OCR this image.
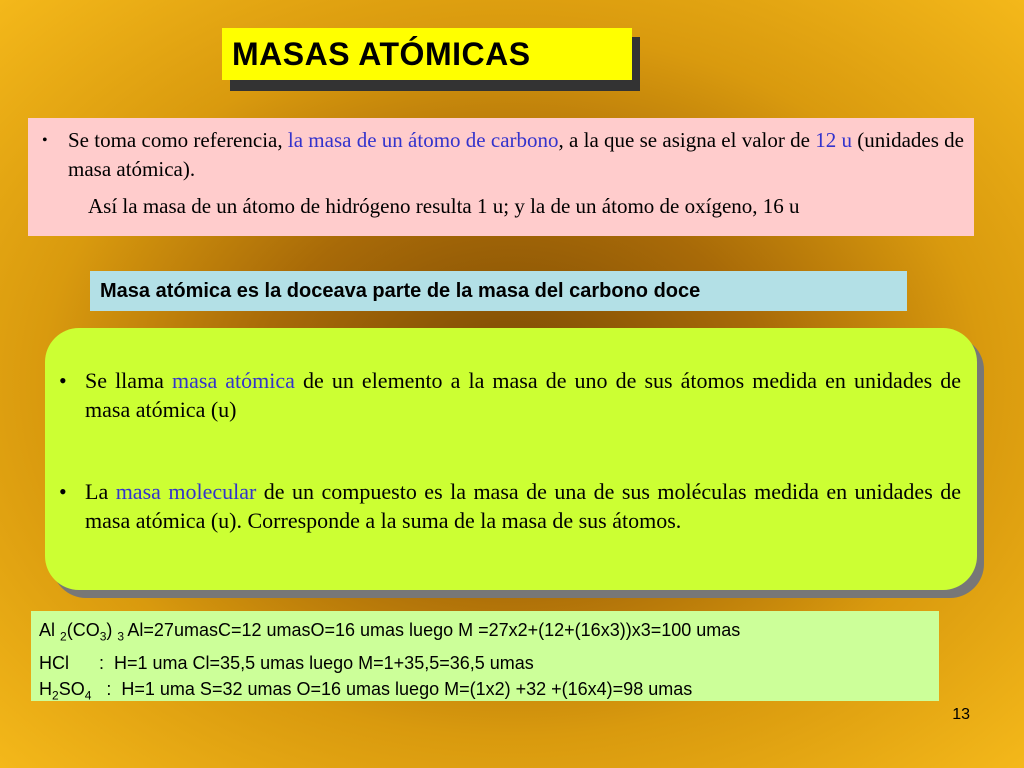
MASAS ATÓMICAS
• Se toma como referencia, la masa de un átomo de carbono, a la que se asigna el valor de 12 u (unidades de masa atómica).
Así la masa de un átomo de hidrógeno resulta 1 u; y la de un átomo de oxígeno, 16 u
Masa atómica es la doceava parte de la masa del carbono doce
• Se llama masa atómica de un elemento a la masa de uno de sus átomos medida en unidades de masa atómica (u)
• La masa molecular de un compuesto es la masa de una de sus moléculas medida en unidades de masa atómica (u). Corresponde a la suma de la masa de sus átomos.
Al $_2(CO_3)$ $_3$ Al=27umasC=12 umasO=16 umas luego M =27x2+(12+(16x3))x3=100 umas
HCl      :  H=1 uma Cl=35,5 umas luego M=1+35,5=36,5 umas
$H_2SO_4$   :  H=1 uma S=32 umas O=16 umas luego M=(1x2) +32 +(16x4)=98 umas
13
